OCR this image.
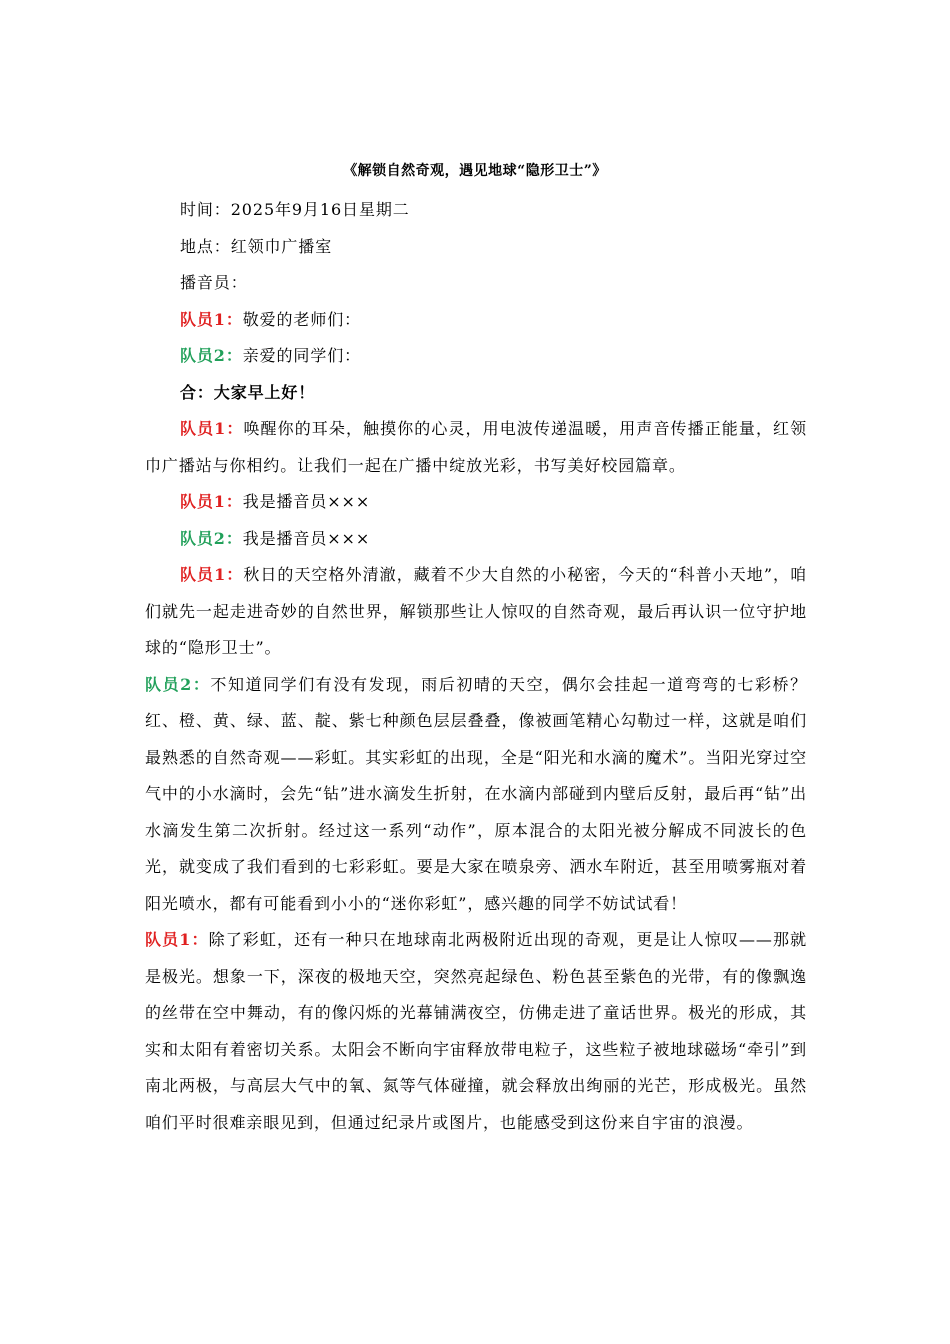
《解锁自然奇观，遇见地球“隐形卫士”》

时间：2025年9月16日星期二

地点：红领巾广播室

播音员：

队员1：敬爱的老师们：

队员2：亲爱的同学们：

合：大家早上好！

队员1：唤醒你的耳朵，触摸你的心灵，用电波传递温暖，用声音传播正能量，红领巾广播站与你相约。让我们一起在广播中绽放光彩，书写美好校园篇章。

队员1：我是播音员×××

队员2：我是播音员×××

队员1：秋日的天空格外清澈，藏着不少大自然的小秘密，今天的“科普小天地”，咱们就先一起走进奇妙的自然世界，解锁那些让人惊叹的自然奇观，最后再认识一位守护地球的“隐形卫士”。

队员2：不知道同学们有没有发现，雨后初晴的天空，偶尔会挂起一道弯弯的七彩桥？红、橙、黄、绿、蓝、靛、紫七种颜色层层叠叠，像被画笔精心勾勒过一样，这就是咱们最熟悉的自然奇观——彩虹。其实彩虹的出现，全是“阳光和水滴的魔术”。当阳光穿过空气中的小水滴时，会先“钻”进水滴发生折射，在水滴内部碰到内壁后反射，最后再“钻”出水滴发生第二次折射。经过这一系列“动作”，原本混合的太阳光被分解成不同波长的色光，就变成了我们看到的七彩彩虹。要是大家在喷泉旁、洒水车附近，甚至用喷雾瓶对着阳光喷水，都有可能看到小小的“迷你彩虹”，感兴趣的同学不妨试试看！

队员1：除了彩虹，还有一种只在地球南北两极附近出现的奇观，更是让人惊叹——那就是极光。想象一下，深夜的极地天空，突然亮起绿色、粉色甚至紫色的光带，有的像飘逸的丝带在空中舞动，有的像闪烁的光幕铺满夜空，仿佛走进了童话世界。极光的形成，其实和太阳有着密切关系。太阳会不断向宇宙释放带电粒子，这些粒子被地球磁场“牵引”到南北两极，与高层大气中的氧、氮等气体碰撞，就会释放出绚丽的光芒，形成极光。虽然咱们平时很难亲眼见到，但通过纪录片或图片，也能感受到这份来自宇宙的浪漫。
